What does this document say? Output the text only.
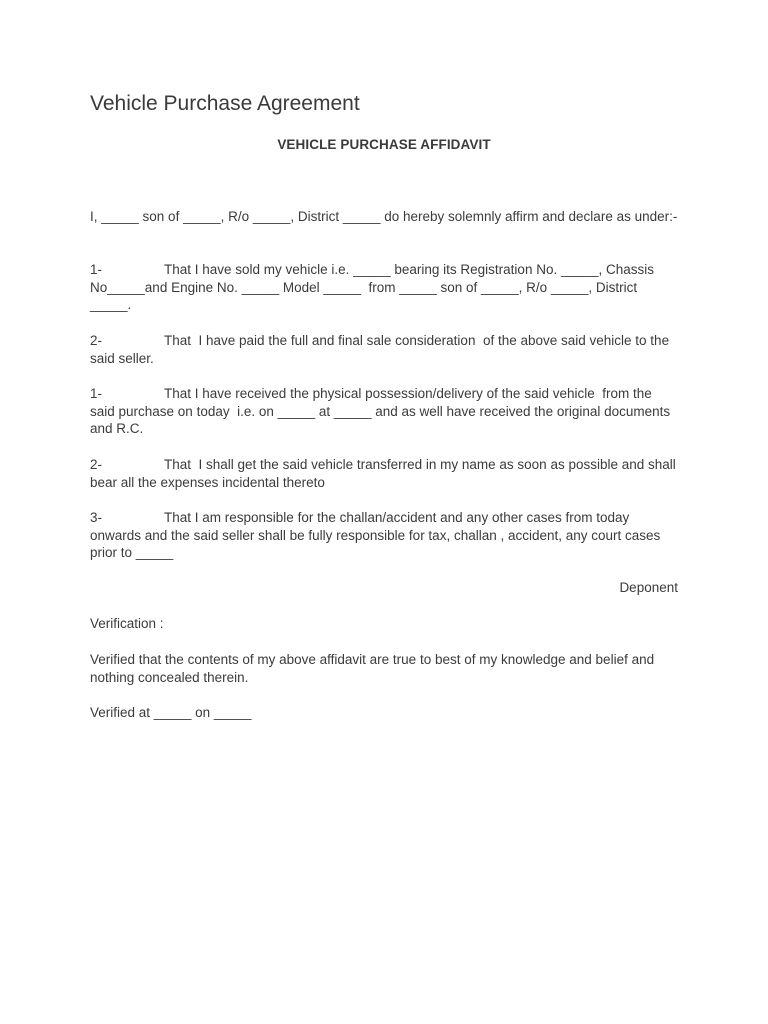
Vehicle Purchase Agreement
VEHICLE PURCHASE AFFIDAVIT

I, _____ son of _____, R/o _____, District _____ do hereby solemnly affirm and declare as under:-

1-	That I have sold my vehicle i.e. _____ bearing its Registration No. _____, Chassis No_____and Engine No. _____ Model _____  from _____ son of _____, R/o _____, District _____.

2-	That  I have paid the full and final sale consideration  of the above said vehicle to the said seller.

1-	That I have received the physical possession/delivery of the said vehicle  from the said purchase on today  i.e. on _____ at _____ and as well have received the original documents and R.C.

2-	That  I shall get the said vehicle transferred in my name as soon as possible and shall bear all the expenses incidental thereto

3-	That I am responsible for the challan/accident and any other cases from today onwards and the said seller shall be fully responsible for tax, challan , accident, any court cases prior to _____

Deponent

Verification :

Verified that the contents of my above affidavit are true to best of my knowledge and belief and nothing concealed therein.

Verified at _____ on _____
